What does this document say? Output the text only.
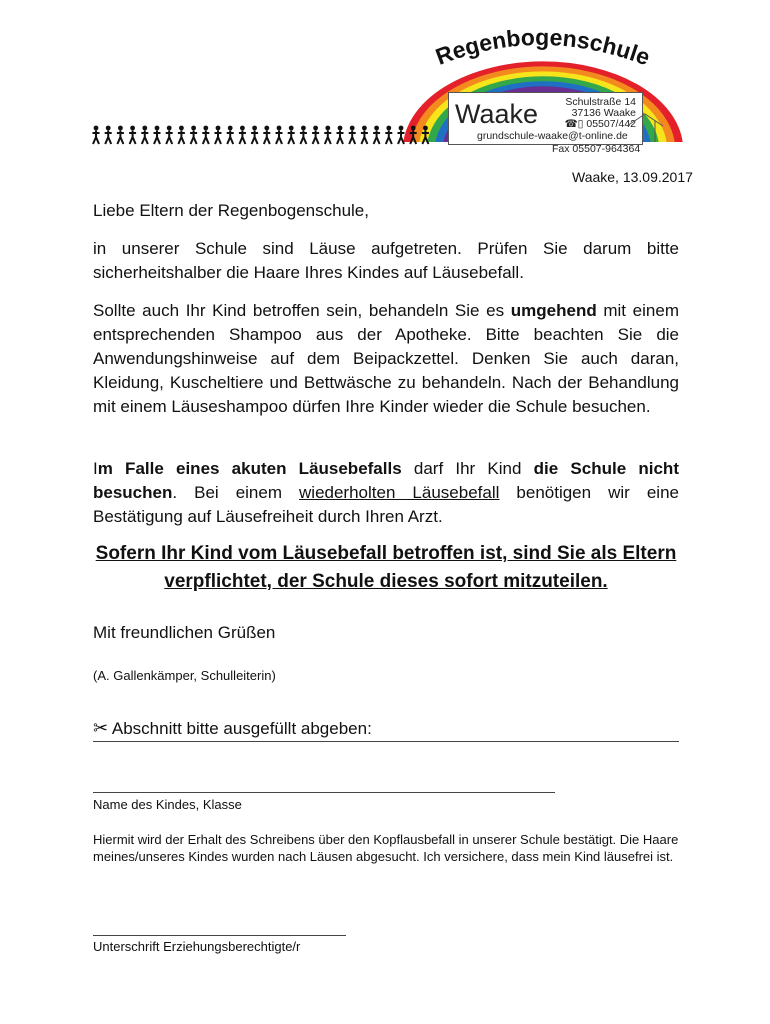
Regenbogenschule
Waake	Schulstraße 14
37136 Waake
☎▯ 05507/442
grundschule-waake@t-online.de
Fax 05507-964364
Waake, 13.09.2017
Liebe Eltern der Regenbogenschule,
in unserer Schule sind Läuse aufgetreten. Prüfen Sie darum bitte sicherheitshalber die Haare Ihres Kindes auf Läusebefall.
Sollte auch Ihr Kind betroffen sein, behandeln Sie es umgehend mit einem entsprechenden Shampoo aus der Apotheke. Bitte beachten Sie die Anwendungshinweise auf dem Beipackzettel. Denken Sie auch daran, Kleidung, Kuscheltiere und Bettwäsche zu behandeln. Nach der Behandlung mit einem Läuseshampoo dürfen Ihre Kinder wieder die Schule besuchen.
Im Falle eines akuten Läusebefalls darf Ihr Kind die Schule nicht besuchen. Bei einem wiederholten Läusebefall benötigen wir eine Bestätigung auf Läusefreiheit durch Ihren Arzt.
Sofern Ihr Kind vom Läusebefall betroffen ist, sind Sie als Eltern verpflichtet, der Schule dieses sofort mitzuteilen.
Mit freundlichen Grüßen
(A. Gallenkämper, Schulleiterin)
✂ Abschnitt bitte ausgefüllt abgeben:
Name des Kindes, Klasse
Hiermit wird der Erhalt des Schreibens über den Kopflausbefall in unserer Schule bestätigt. Die Haare meines/unseres Kindes wurden nach Läusen abgesucht. Ich versichere, dass mein Kind läusefrei ist.
Unterschrift Erziehungsberechtigte/r
